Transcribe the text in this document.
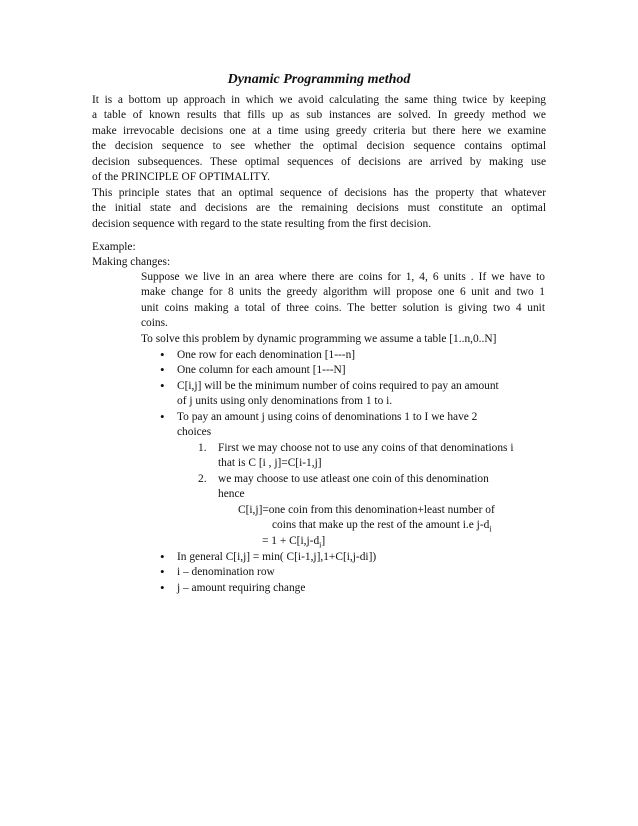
Dynamic Programming method
It is a bottom up approach in which we avoid calculating the same thing twice by keeping
a table of known results that fills up as sub instances are solved. In greedy method we
make irrevocable decisions one at a time using greedy criteria but there here we examine
the decision sequence to see whether the optimal decision sequence contains optimal
decision subsequences. These optimal sequences of decisions are arrived by making use
of the PRINCIPLE OF OPTIMALITY.
This principle states that an optimal sequence of decisions has the property that whatever
the initial state and decisions are the remaining decisions must constitute an optimal
decision sequence with regard to the state resulting from the first decision.
Example:
Making changes:
Suppose we live in an area where there are coins for 1, 4, 6 units . If we have to
make change for 8 units the greedy algorithm will propose one 6 unit and two 1
unit coins making a total of three coins. The better solution is giving two 4 unit
coins.
To solve this problem by dynamic programming we assume a table [1..n,0..N]
• One row for each denomination [1---n]
• One column for each amount [1---N]
• C[i,j] will be the minimum number of coins required to pay an amount
of j units using only denominations from 1 to i.
• To pay an amount j using coins of denominations 1 to I we have 2
choices
1. First we may choose not to use any coins of that denominations i
that is C [i , j]=C[i-1,j]
2. we may choose to use atleast one coin of this denomination
hence
C[i,j]=one coin from this denomination+least number of
coins that make up the rest of the amount i.e $j-d_i$
= $1 + C[i,j-d_i]$
• In general C[i,j] = min( C[i-1,j],1+C[i,j-di])
• i – denomination row
• j – amount requiring change
